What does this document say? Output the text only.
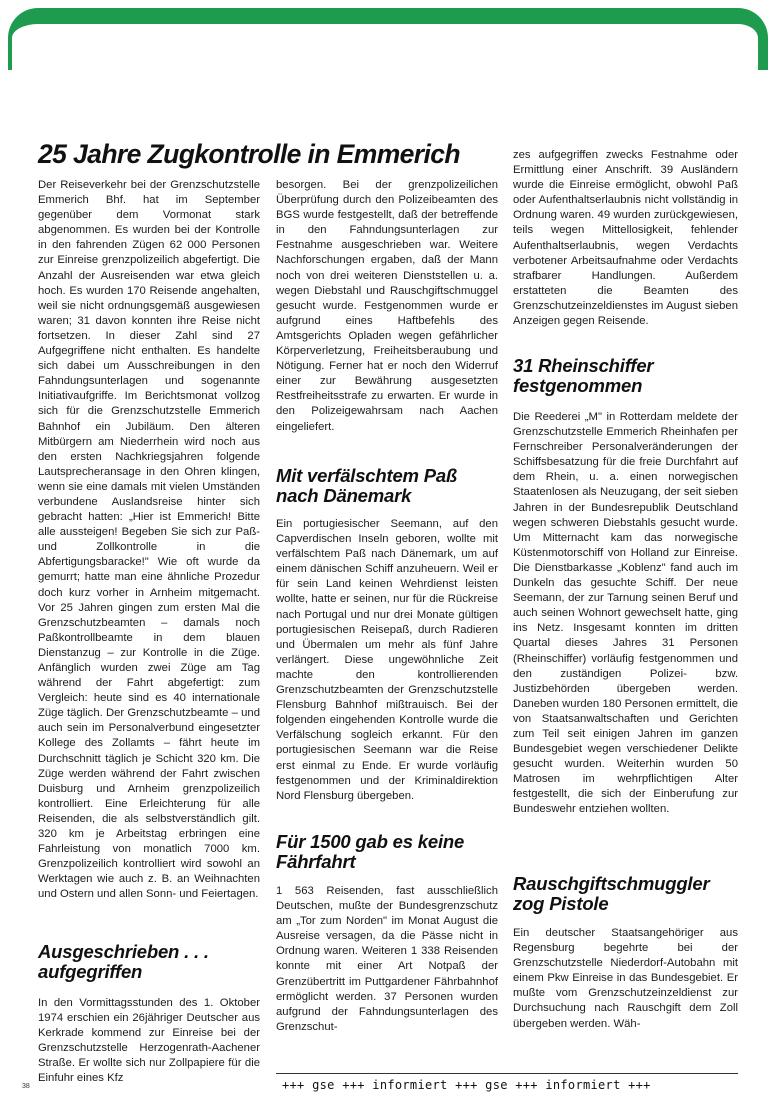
25 Jahre Zugkontrolle in Emmerich

Der Reiseverkehr bei der Grenzschutzstelle Emmerich Bhf. hat im September gegenüber dem Vormonat stark abgenommen. Es wurden bei der Kontrolle in den fahrenden Zügen 62 000 Personen zur Einreise grenzpolizeilich abgefertigt. Die Anzahl der Ausreisenden war etwa gleich hoch. Es wurden 170 Reisende angehalten, weil sie nicht ordnungsgemäß ausgewiesen waren; 31 davon konnten ihre Reise nicht fortsetzen. In dieser Zahl sind 27 Aufgegriffene nicht enthalten. Es handelte sich dabei um Ausschreibungen in den Fahndungsunterlagen und sogenannte Initiativaufgriffe. Im Berichtsmonat vollzog sich für die Grenzschutzstelle Emmerich Bahnhof ein Jubiläum. Den älteren Mitbürgern am Niederrhein wird noch aus den ersten Nachkriegsjahren folgende Lautsprecheransage in den Ohren klingen, wenn sie eine damals mit vielen Umständen verbundene Auslandsreise hinter sich gebracht hatten: „Hier ist Emmerich! Bitte alle aussteigen! Begeben Sie sich zur Paß- und Zollkontrolle in die Abfertigungsbaracke!" Wie oft wurde da gemurrt; hatte man eine ähnliche Prozedur doch kurz vorher in Arnheim mitgemacht. Vor 25 Jahren gingen zum ersten Mal die Grenzschutzbeamten – damals noch Paßkontrollbeamte in dem blauen Dienstanzug – zur Kontrolle in die Züge. Anfänglich wurden zwei Züge am Tag während der Fahrt abgefertigt: zum Vergleich: heute sind es 40 internationale Züge täglich. Der Grenzschutzbeamte – und auch sein im Personalverbund eingesetzter Kollege des Zollamts – fährt heute im Durchschnitt täglich je Schicht 320 km. Die Züge werden während der Fahrt zwischen Duisburg und Arnheim grenzpolizeilich kontrolliert. Eine Erleichterung für alle Reisenden, die als selbstverständlich gilt. 320 km je Arbeitstag erbringen eine Fahrleistung von monatlich 7000 km. Grenzpolizeilich kontrolliert wird sowohl an Werktagen wie auch z. B. an Weihnachten und Ostern und allen Sonn- und Feiertagen.

besorgen. Bei der grenzpolizeilichen Überprüfung durch den Polizeibeamten des BGS wurde festgestellt, daß der betreffende in den Fahndungsunterlagen zur Festnahme ausgeschrieben war. Weitere Nachforschungen ergaben, daß der Mann noch von drei weiteren Dienststellen u. a. wegen Diebstahl und Rauschgiftschmuggel gesucht wurde. Festgenommen wurde er aufgrund eines Haftbefehls des Amtsgerichts Opladen wegen gefährlicher Körperverletzung, Freiheitsberaubung und Nötigung. Ferner hat er noch den Widerruf einer zur Bewährung ausgesetzten Restfreiheitsstrafe zu erwarten. Er wurde in den Polizeigewahrsam nach Aachen eingeliefert.

zes aufgegriffen zwecks Festnahme oder Ermittlung einer Anschrift. 39 Ausländern wurde die Einreise ermöglicht, obwohl Paß oder Aufenthaltserlaubnis nicht vollständig in Ordnung waren. 49 wurden zurückgewiesen, teils wegen Mittellosigkeit, fehlender Aufenthaltserlaubnis, wegen Verdachts verbotener Arbeitsaufnahme oder Verdachts strafbarer Handlungen. Außerdem erstatteten die Beamten des Grenzschutzeinzeldienstes im August sieben Anzeigen gegen Reisende.

Ausgeschrieben . . . aufgegriffen

In den Vormittagsstunden des 1. Oktober 1974 erschien ein 26jähriger Deutscher aus Kerkrade kommend zur Einreise bei der Grenzschutzstelle Herzogenrath-Aachener Straße. Er wollte sich nur Zollpapiere für die Einfuhr eines Kfz

Mit verfälschtem Paß nach Dänemark

Ein portugiesischer Seemann, auf den Capverdischen Inseln geboren, wollte mit verfälschtem Paß nach Dänemark, um auf einem dänischen Schiff anzuheuern. Weil er für sein Land keinen Wehrdienst leisten wollte, hatte er seinen, nur für die Rückreise nach Portugal und nur drei Monate gültigen portugiesischen Reisepaß, durch Radieren und Übermalen um mehr als fünf Jahre verlängert. Diese ungewöhnliche Zeit machte den kontrollierenden Grenzschutzbeamten der Grenzschutzstelle Flensburg Bahnhof mißtrauisch. Bei der folgenden eingehenden Kontrolle wurde die Verfälschung sogleich erkannt. Für den portugiesischen Seemann war die Reise erst einmal zu Ende. Er wurde vorläufig festgenommen und der Kriminaldirektion Nord Flensburg übergeben.

Für 1500 gab es keine Fährfahrt

1 563 Reisenden, fast ausschließlich Deutschen, mußte der Bundesgrenzschutz am „Tor zum Norden" im Monat August die Ausreise versagen, da die Pässe nicht in Ordnung waren. Weiteren 1 338 Reisenden konnte mit einer Art Notpaß der Grenzübertritt im Puttgardener Fährbahnhof ermöglicht werden. 37 Personen wurden aufgrund der Fahndungsunterlagen des Grenzschut-

31 Rheinschiffer festgenommen

Die Reederei „M" in Rotterdam meldete der Grenzschutzstelle Emmerich Rheinhafen per Fernschreiber Personalveränderungen der Schiffsbesatzung für die freie Durchfahrt auf dem Rhein, u. a. einen norwegischen Staatenlosen als Neuzugang, der seit sieben Jahren in der Bundesrepublik Deutschland wegen schweren Diebstahls gesucht wurde. Um Mitternacht kam das norwegische Küstenmotorschiff von Holland zur Einreise. Die Dienstbarkasse „Koblenz" fand auch im Dunkeln das gesuchte Schiff. Der neue Seemann, der zur Tarnung seinen Beruf und auch seinen Wohnort gewechselt hatte, ging ins Netz. Insgesamt konnten im dritten Quartal dieses Jahres 31 Personen (Rheinschiffer) vorläufig festgenommen und den zuständigen Polizei- bzw. Justizbehörden übergeben werden. Daneben wurden 180 Personen ermittelt, die von Staatsanwaltschaften und Gerichten zum Teil seit einigen Jahren im ganzen Bundesgebiet wegen verschiedener Delikte gesucht wurden. Weiterhin wurden 50 Matrosen im wehrpflichtigen Alter festgestellt, die sich der Einberufung zur Bundeswehr entziehen wollten.

Rauschgiftschmuggler zog Pistole

Ein deutscher Staatsangehöriger aus Regensburg begehrte bei der Grenzschutzstelle Niederdorf-Autobahn mit einem Pkw Einreise in das Bundesgebiet. Er mußte vom Grenzschutzeinzeldienst zur Durchsuchung nach Rauschgift dem Zoll übergeben werden. Wäh-

+++ gse +++ informiert +++ gse +++ informiert +++
38
